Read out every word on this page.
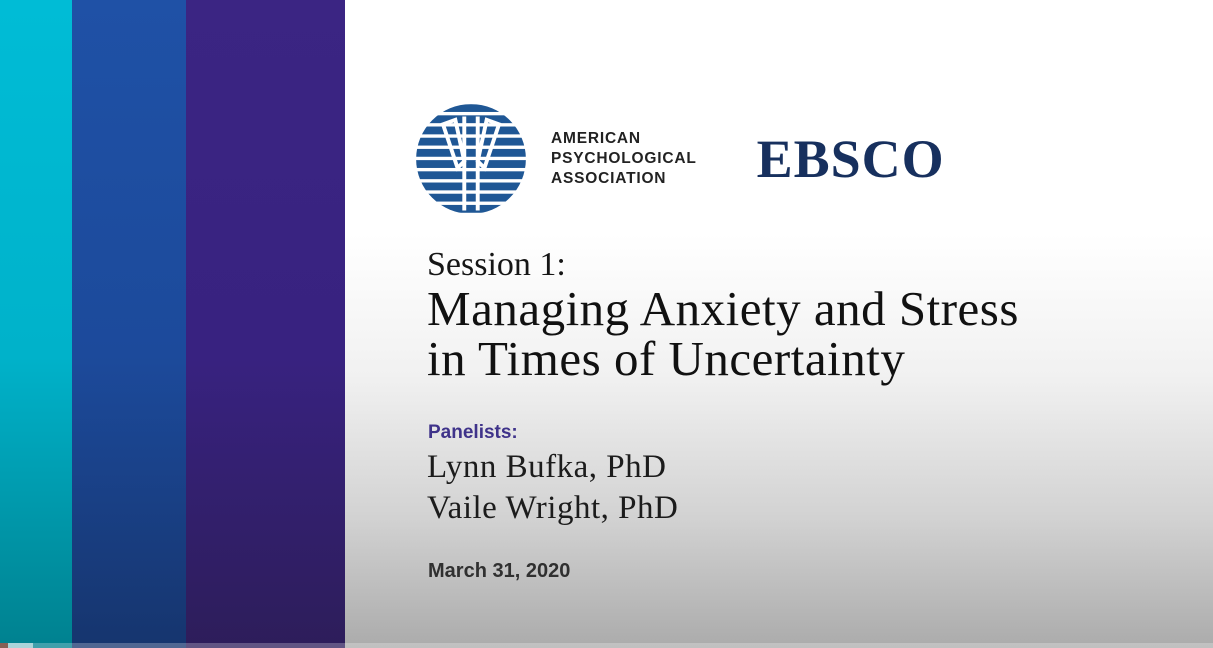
AMERICAN
PSYCHOLOGICAL
ASSOCIATION	EBSCO
Session 1:
Managing Anxiety and Stress
in Times of Uncertainty
Panelists:
Lynn Bufka, PhD
Vaile Wright, PhD
March 31, 2020
